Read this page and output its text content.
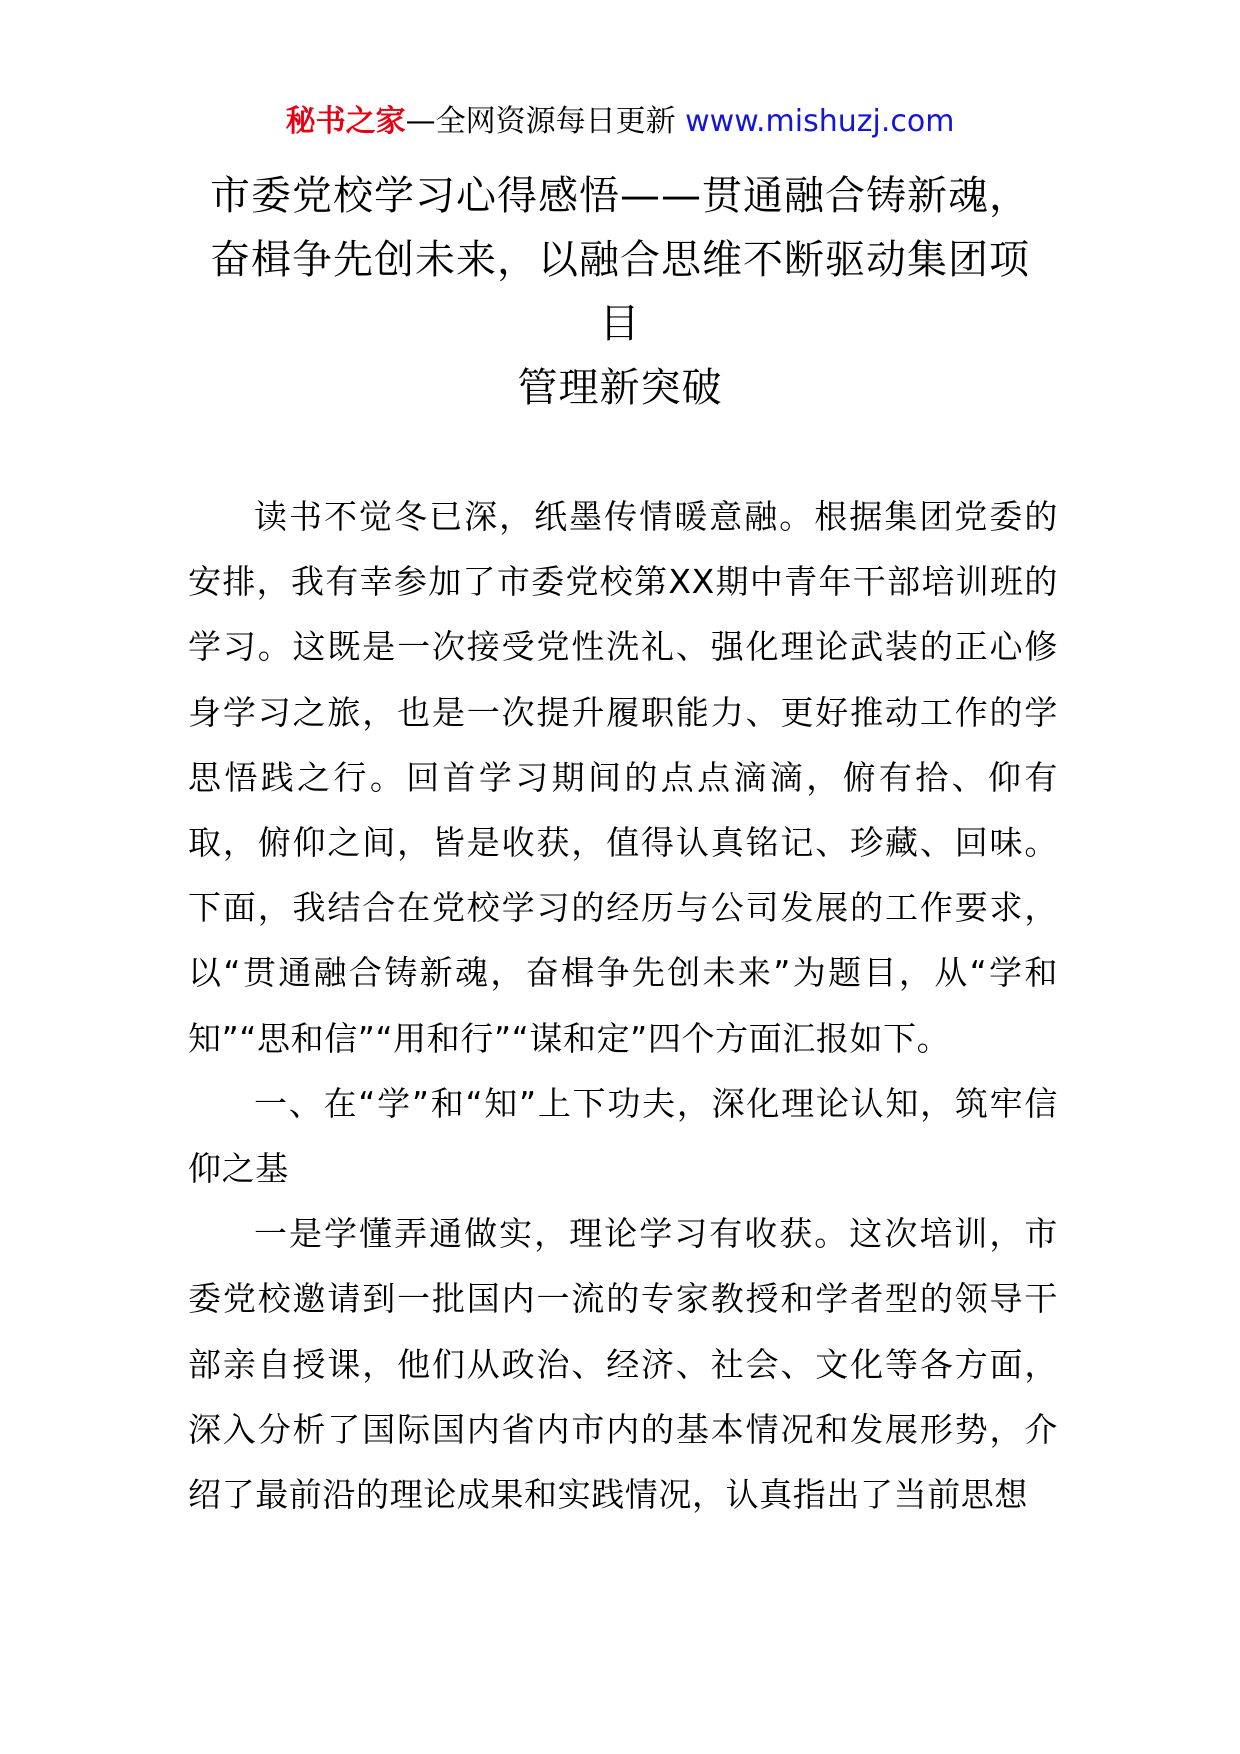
秘书之家—全网资源每日更新 www.mishuzj.com
市委党校学习心得感悟——贯通融合铸新魂，
奋楫争先创未来，以融合思维不断驱动集团项
目
管理新突破

读书不觉冬已深，纸墨传情暖意融。根据集团党委的安排，我有幸参加了市委党校第XX期中青年干部培训班的学习。这既是一次接受党性洗礼、强化理论武装的正心修身学习之旅，也是一次提升履职能力、更好推动工作的学思悟践之行。回首学习期间的点点滴滴，俯有拾、仰有取，俯仰之间，皆是收获，值得认真铭记、珍藏、回味。下面，我结合在党校学习的经历与公司发展的工作要求，以“贯通融合铸新魂，奋楫争先创未来”为题目，从“学和知”“思和信”“用和行”“谋和定”四个方面汇报如下。

一、在“学”和“知”上下功夫，深化理论认知，筑牢信仰之基

一是学懂弄通做实，理论学习有收获。这次培训，市委党校邀请到一批国内一流的专家教授和学者型的领导干部亲自授课，他们从政治、经济、社会、文化等各方面，深入分析了国际国内省内市内的基本情况和发展形势，介绍了最前沿的理论成果和实践情况，认真指出了当前思想
